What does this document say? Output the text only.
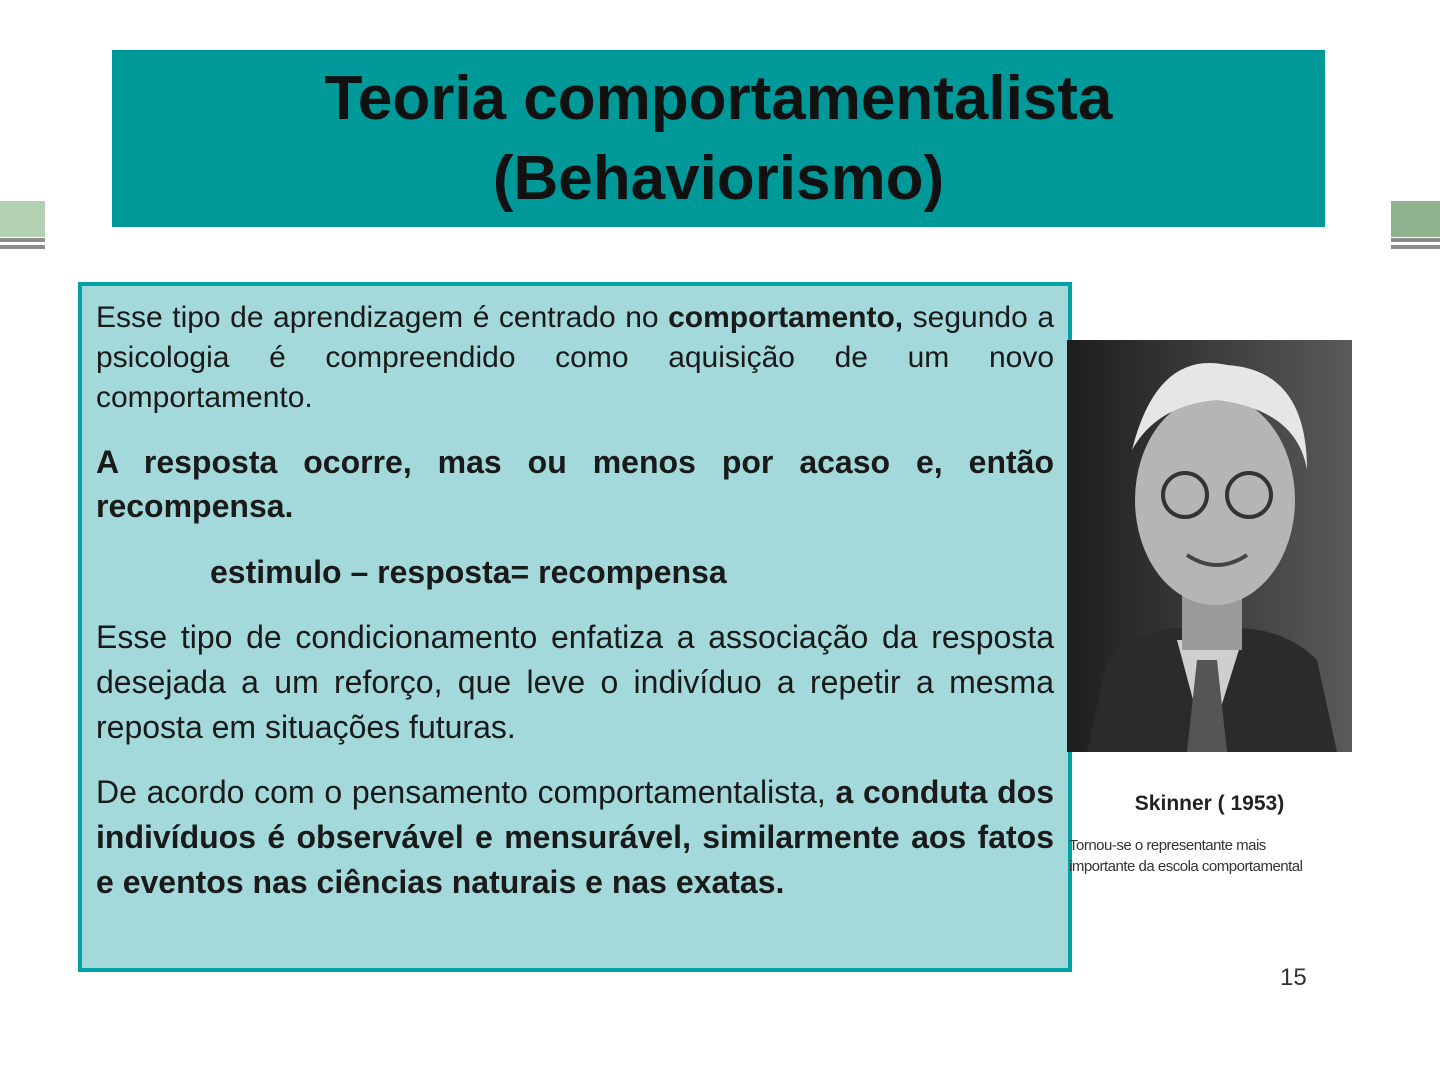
Teoria comportamentalista
(Behaviorismo)

Esse tipo de aprendizagem é centrado no comportamento, segundo a psicologia é compreendido como aquisição de um novo comportamento.

A resposta ocorre, mas ou menos por acaso e, então recompensa.

estimulo – resposta= recompensa

Esse tipo de condicionamento enfatiza a associação da resposta desejada a um reforço, que leve o indivíduo a repetir a mesma reposta em situações futuras.

De acordo com o pensamento comportamentalista, a conduta dos indivíduos é observável e mensurável, similarmente aos fatos e eventos nas ciências naturais e nas exatas.

Skinner ( 1953)
Tornou-se o representante mais
importante da escola comportamental
15
